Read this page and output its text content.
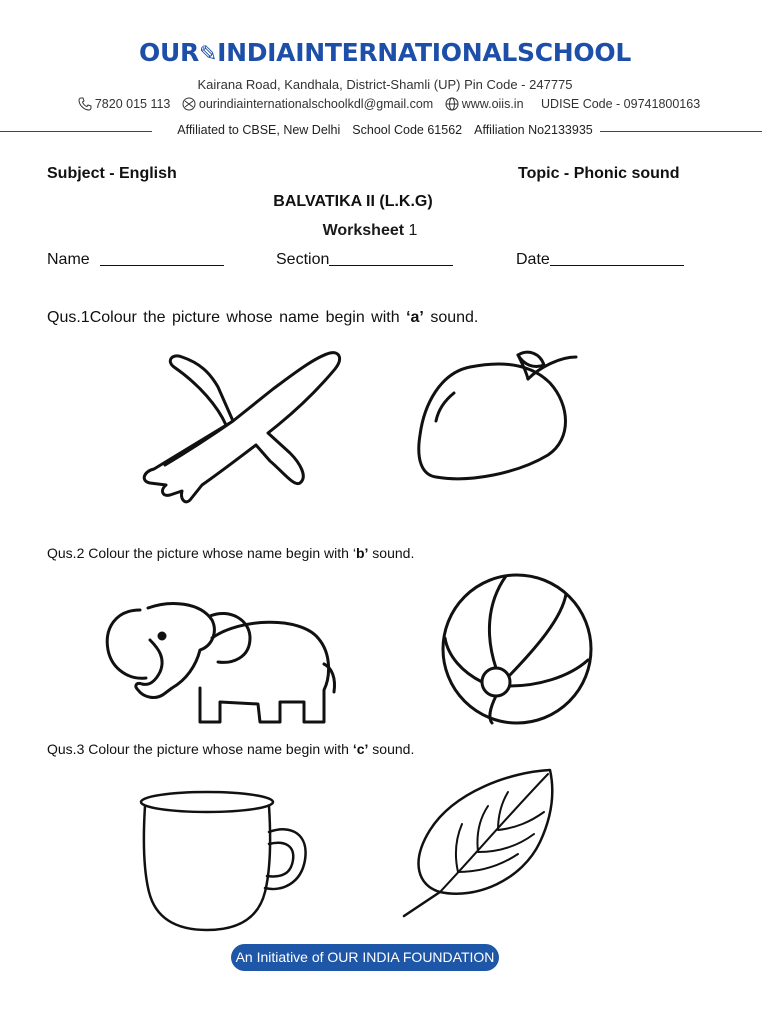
OUR✎INDIAINTERNATIONALSCHOOL
Kairana Road, Kandhala, District-Shamli (UP) Pin Code - 247775
7820 015 113 ourindiainternationalschoolkdl@gmail.com www.oiis.in UDISE Code - 09741800163
Affiliated to CBSE, New Delhi School Code 61562 Affiliation No2133935
Subject - English	Topic - Phonic sound
BALVATIKA II (L.K.G)
Worksheet 1
Name	Section	Date
Qus.1Colour the picture whose name begin with ‘a’ sound.
Qus.2 Colour the picture whose name begin with ‘b’ sound.
Qus.3 Colour the picture whose name begin with ‘c’ sound.
An Initiative of OUR INDIA FOUNDATION
